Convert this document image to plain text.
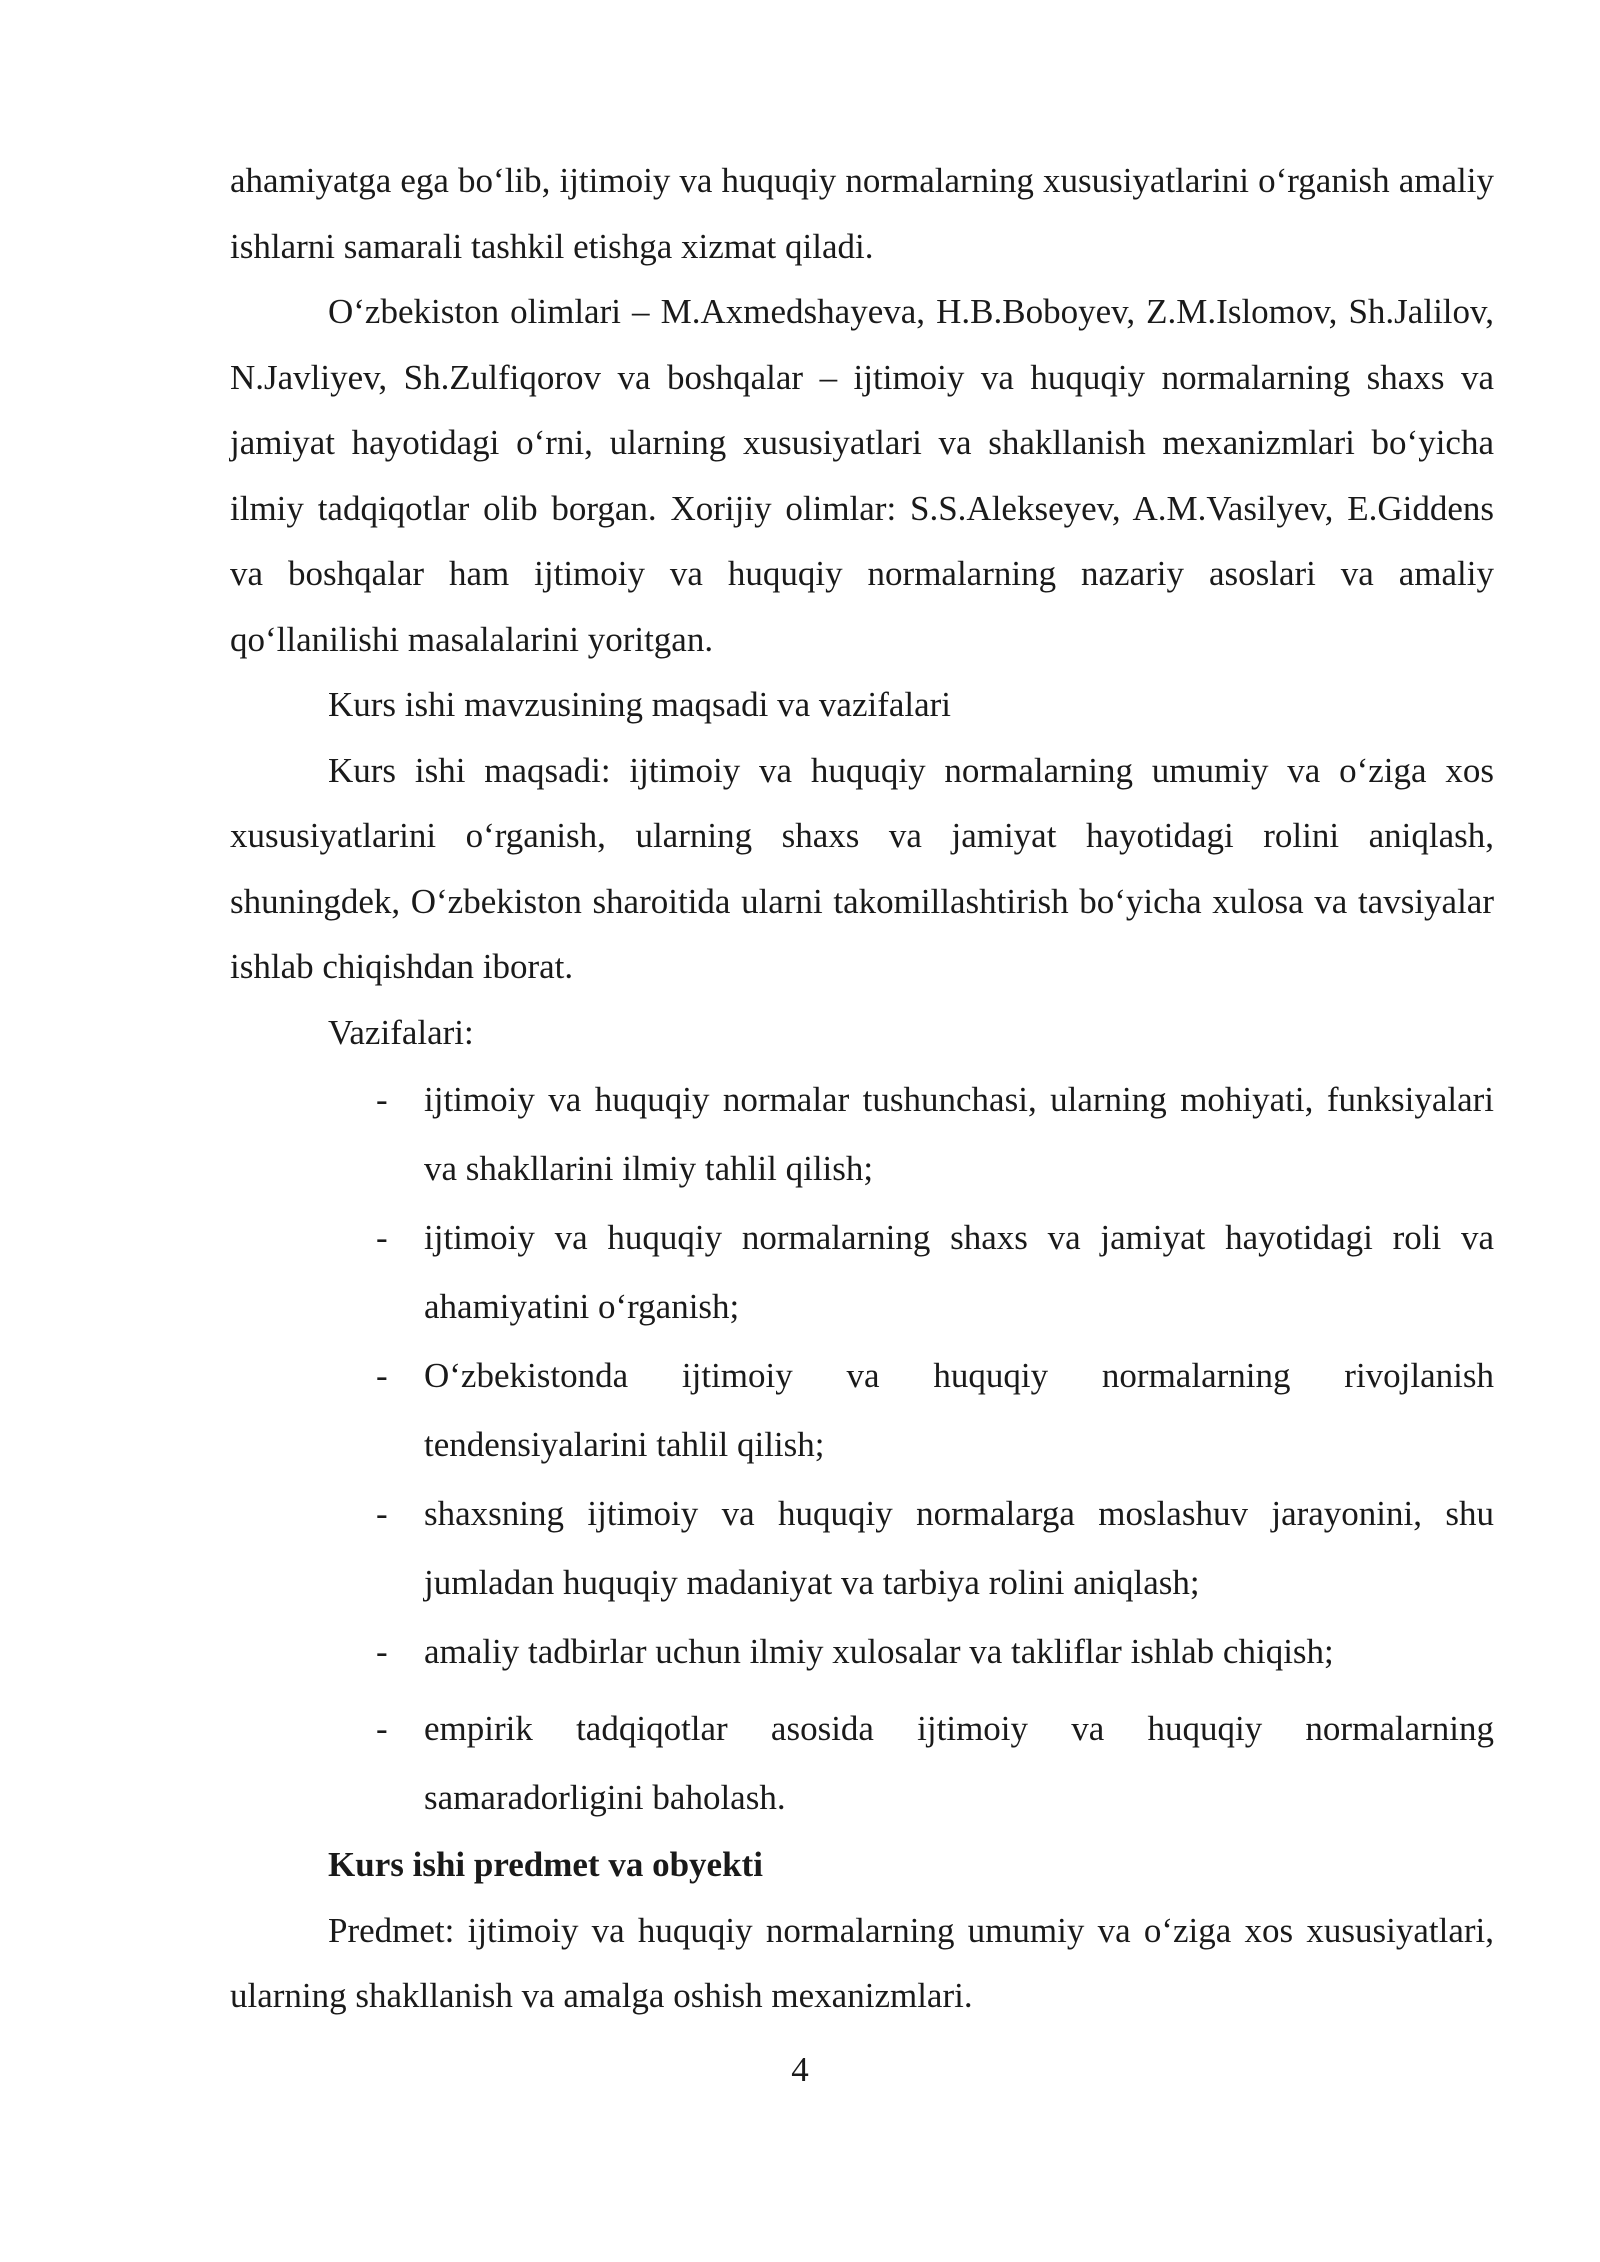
ahamiyatga ega bo‘lib, ijtimoiy va huquqiy normalarning xususiyatlarini o‘rganish amaliy ishlarni samarali tashkil etishga xizmat qiladi.

O‘zbekiston olimlari – M.Axmedshayeva, H.B.Boboyev, Z.M.Islomov, Sh.Jalilov, N.Javliyev, Sh.Zulfiqorov va boshqalar – ijtimoiy va huquqiy normalarning shaxs va jamiyat hayotidagi o‘rni, ularning xususiyatlari va shakllanish mexanizmlari bo‘yicha ilmiy tadqiqotlar olib borgan. Xorijiy olimlar: S.S.Alekseyev, A.M.Vasilyev, E.Giddens va boshqalar ham ijtimoiy va huquqiy normalarning nazariy asoslari va amaliy qo‘llanilishi masalalarini yoritgan.

Kurs ishi mavzusining maqsadi va vazifalari

Kurs ishi maqsadi: ijtimoiy va huquqiy normalarning umumiy va o‘ziga xos xususiyatlarini o‘rganish, ularning shaxs va jamiyat hayotidagi rolini aniqlash, shuningdek, O‘zbekiston sharoitida ularni takomillashtirish bo‘yicha xulosa va tavsiyalar ishlab chiqishdan iborat.

Vazifalari:

- ijtimoiy va huquqiy normalar tushunchasi, ularning mohiyati, funksiyalari va shakllarini ilmiy tahlil qilish;
- ijtimoiy va huquqiy normalarning shaxs va jamiyat hayotidagi roli va ahamiyatini o‘rganish;
- O‘zbekistonda ijtimoiy va huquqiy normalarning rivojlanish tendensiyalarini tahlil qilish;
- shaxsning ijtimoiy va huquqiy normalarga moslashuv jarayonini, shu jumladan huquqiy madaniyat va tarbiya rolini aniqlash;
- amaliy tadbirlar uchun ilmiy xulosalar va takliflar ishlab chiqish;
- empirik tadqiqotlar asosida ijtimoiy va huquqiy normalarning samaradorligini baholash.

Kurs ishi predmet va obyekti

Predmet: ijtimoiy va huquqiy normalarning umumiy va o‘ziga xos xususiyatlari, ularning shakllanish va amalga oshish mexanizmlari.

4
